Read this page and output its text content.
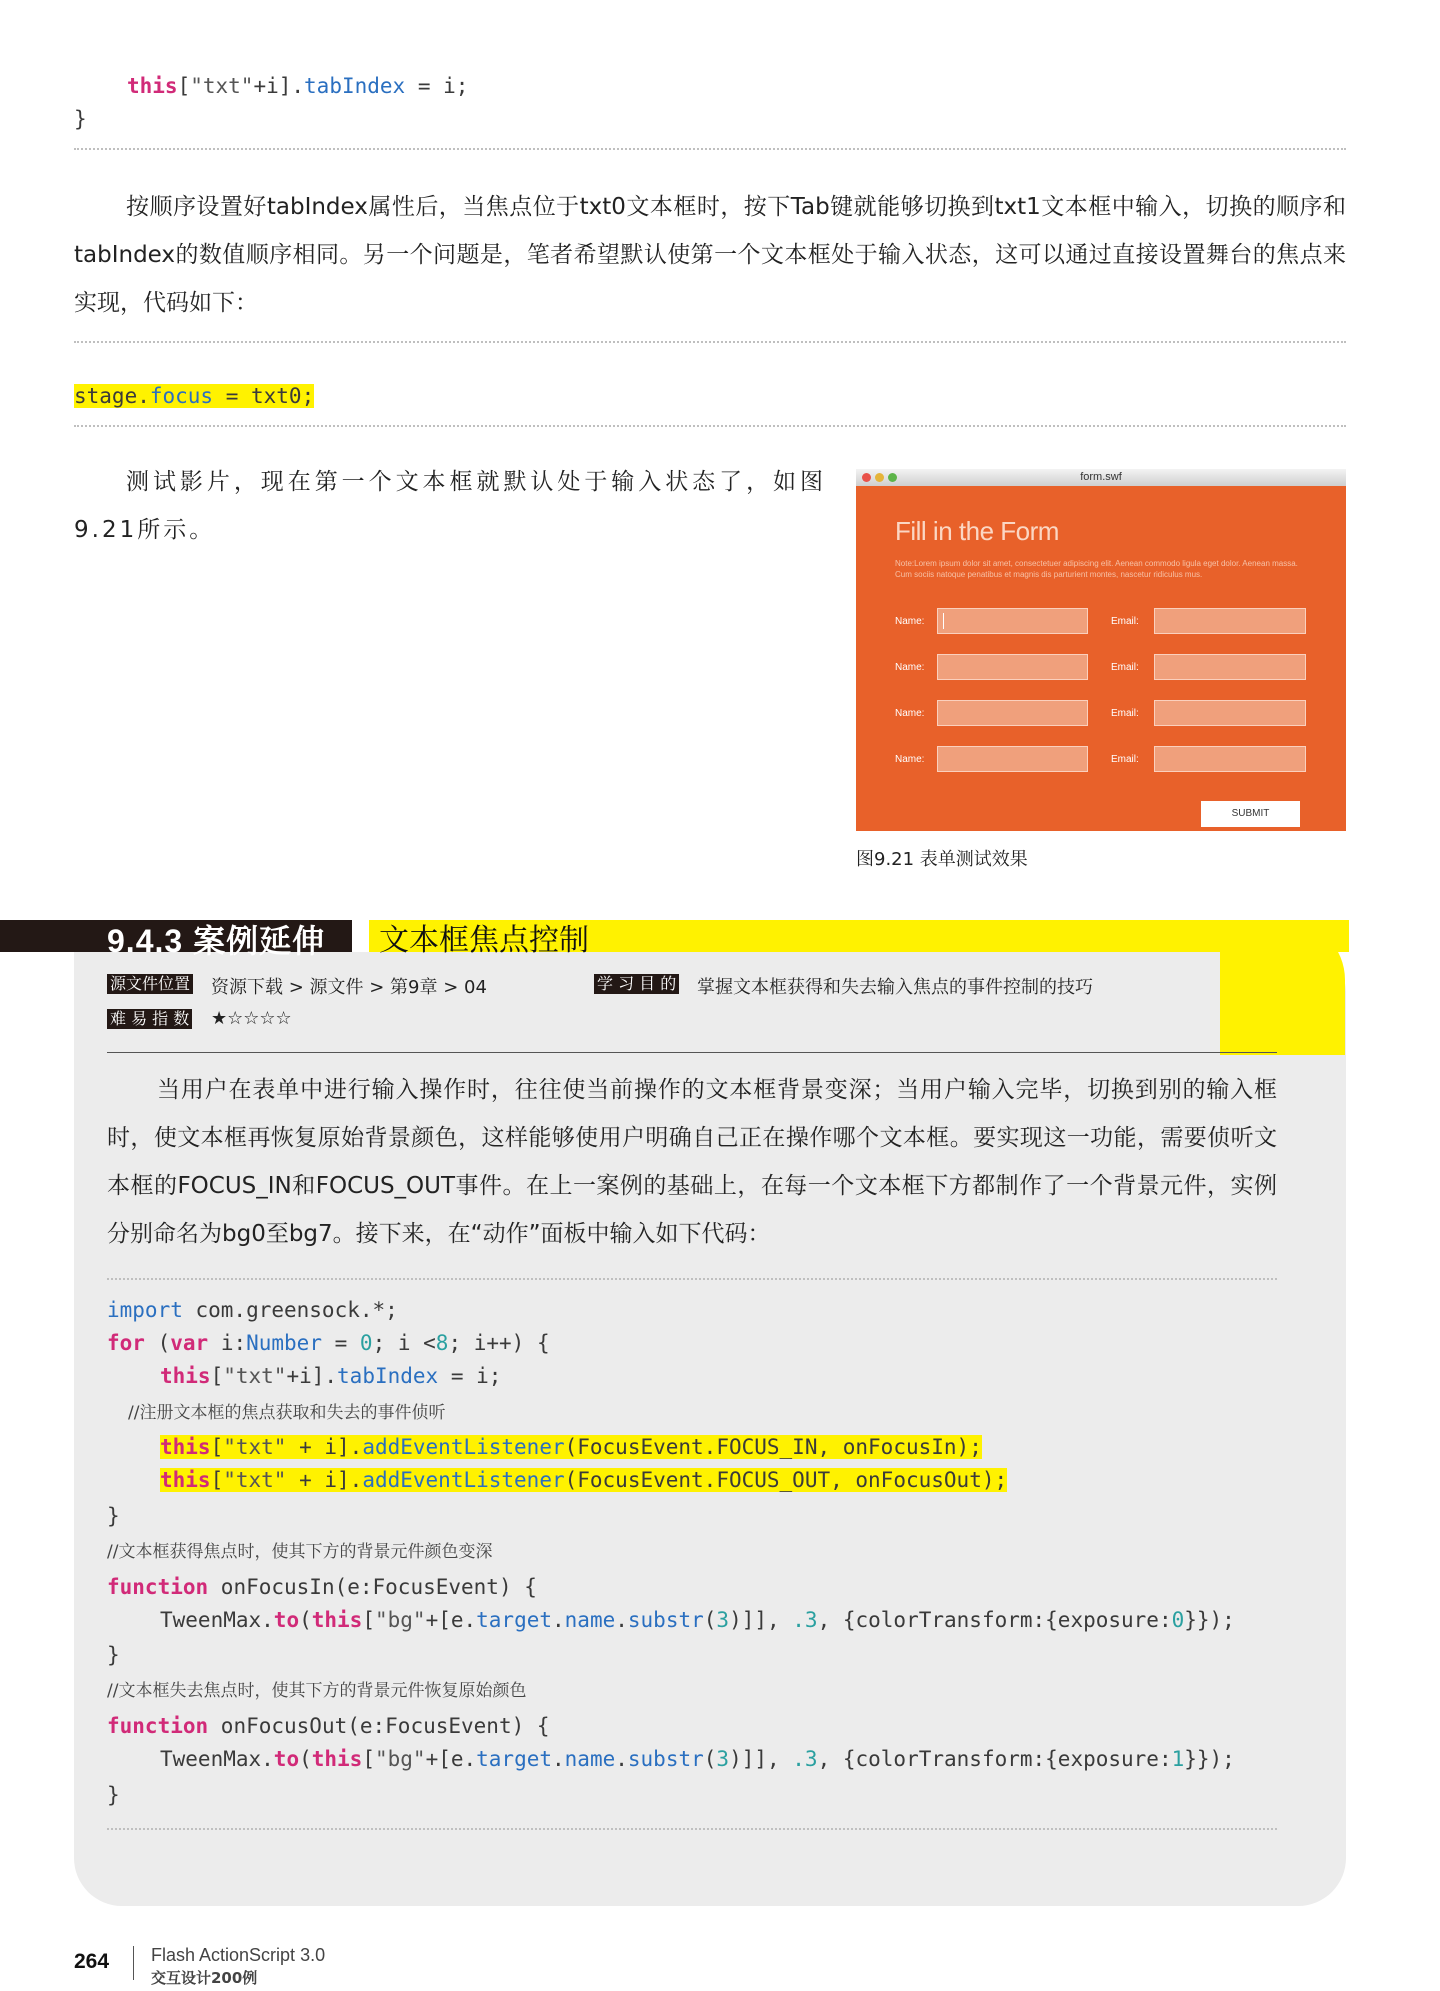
this["txt"+i].tabIndex = i;
}

按顺序设置好tabIndex属性后，当焦点位于txt0文本框时，按下Tab键就能够切换到txt1文本框中输入，切换的顺序和tabIndex的数值顺序相同。另一个问题是，笔者希望默认使第一个文本框处于输入状态，这可以通过直接设置舞台的焦点来实现，代码如下：

stage.focus = txt0;

测试影片，现在第一个文本框就默认处于输入状态了，如图9.21所示。

form.swf
Fill in the Form
Note:Lorem ipsum dolor sit amet, consectetuer adipiscing elit. Aenean commodo ligula eget dolor. Aenean massa. Cum sociis natoque penatibus et magnis dis parturient montes, nascetur ridiculus mus.
Name:	Email:
Name:	Email:
Name:	Email:
Name:	Email:
SUBMIT
图9.21 表单测试效果
9.4.3 案例延伸 文本框焦点控制
源文件位置 资源下载 > 源文件 > 第9章 > 04	学 习 目 的 掌握文本框获得和失去输入焦点的事件控制的技巧
难 易 指 数 ★☆☆☆☆

当用户在表单中进行输入操作时，往往使当前操作的文本框背景变深；当用户输入完毕，切换到别的输入框时，使文本框再恢复原始背景颜色，这样能够使用户明确自己正在操作哪个文本框。要实现这一功能，需要侦听文本框的FOCUS_IN和FOCUS_OUT事件。在上一案例的基础上，在每一个文本框下方都制作了一个背景元件，实例分别命名为bg0至bg7。接下来，在“动作”面板中输入如下代码：

import com.greensock.*;
for (var i:Number = 0; i <8; i++) {
this["txt"+i].tabIndex = i;
//注册文本框的焦点获取和失去的事件侦听
this["txt" + i].addEventListener(FocusEvent.FOCUS_IN, onFocusIn);
this["txt" + i].addEventListener(FocusEvent.FOCUS_OUT, onFocusOut);
}
//文本框获得焦点时，使其下方的背景元件颜色变深
function onFocusIn(e:FocusEvent) {
TweenMax.to(this["bg"+[e.target.name.substr(3)]], .3, {colorTransform:{exposure:0}});
}
//文本框失去焦点时，使其下方的背景元件恢复原始颜色
function onFocusOut(e:FocusEvent) {
TweenMax.to(this["bg"+[e.target.name.substr(3)]], .3, {colorTransform:{exposure:1}});
}
264 Flash ActionScript 3.0
交互设计200例
